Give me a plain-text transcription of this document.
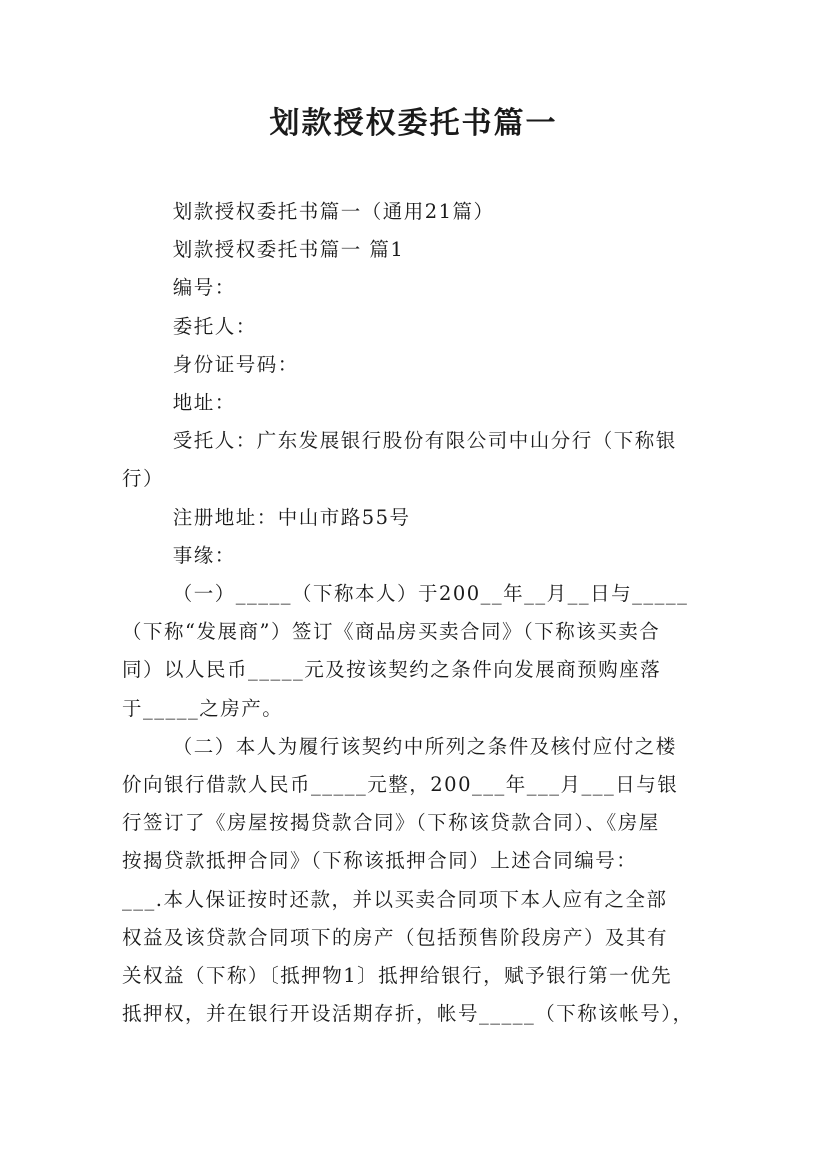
划款授权委托书篇一

划款授权委托书篇一（通用21篇）

划款授权委托书篇一 篇1

编号：

委托人：

身份证号码：

地址：

受托人：广东发展银行股份有限公司中山分行（下称银

行）

注册地址：中山市路55号

事缘：

（一）_____（下称本人）于200__年__月__日与_____

（下称“发展商”）签订《商品房买卖合同》（下称该买卖合

同）以人民币_____元及按该契约之条件向发展商预购座落

于_____之房产。

（二）本人为履行该契约中所列之条件及核付应付之楼

价向银行借款人民币_____元整，200___年___月___日与银

行签订了《房屋按揭贷款合同》（下称该贷款合同）、《房屋

按揭贷款抵押合同》（下称该抵押合同）上述合同编号：

___.本人保证按时还款，并以买卖合同项下本人应有之全部

权益及该贷款合同项下的房产（包括预售阶段房产）及其有

关权益（下称）〔抵押物1〕抵押给银行，赋予银行第一优先

抵押权，并在银行开设活期存折，帐号_____（下称该帐号），
